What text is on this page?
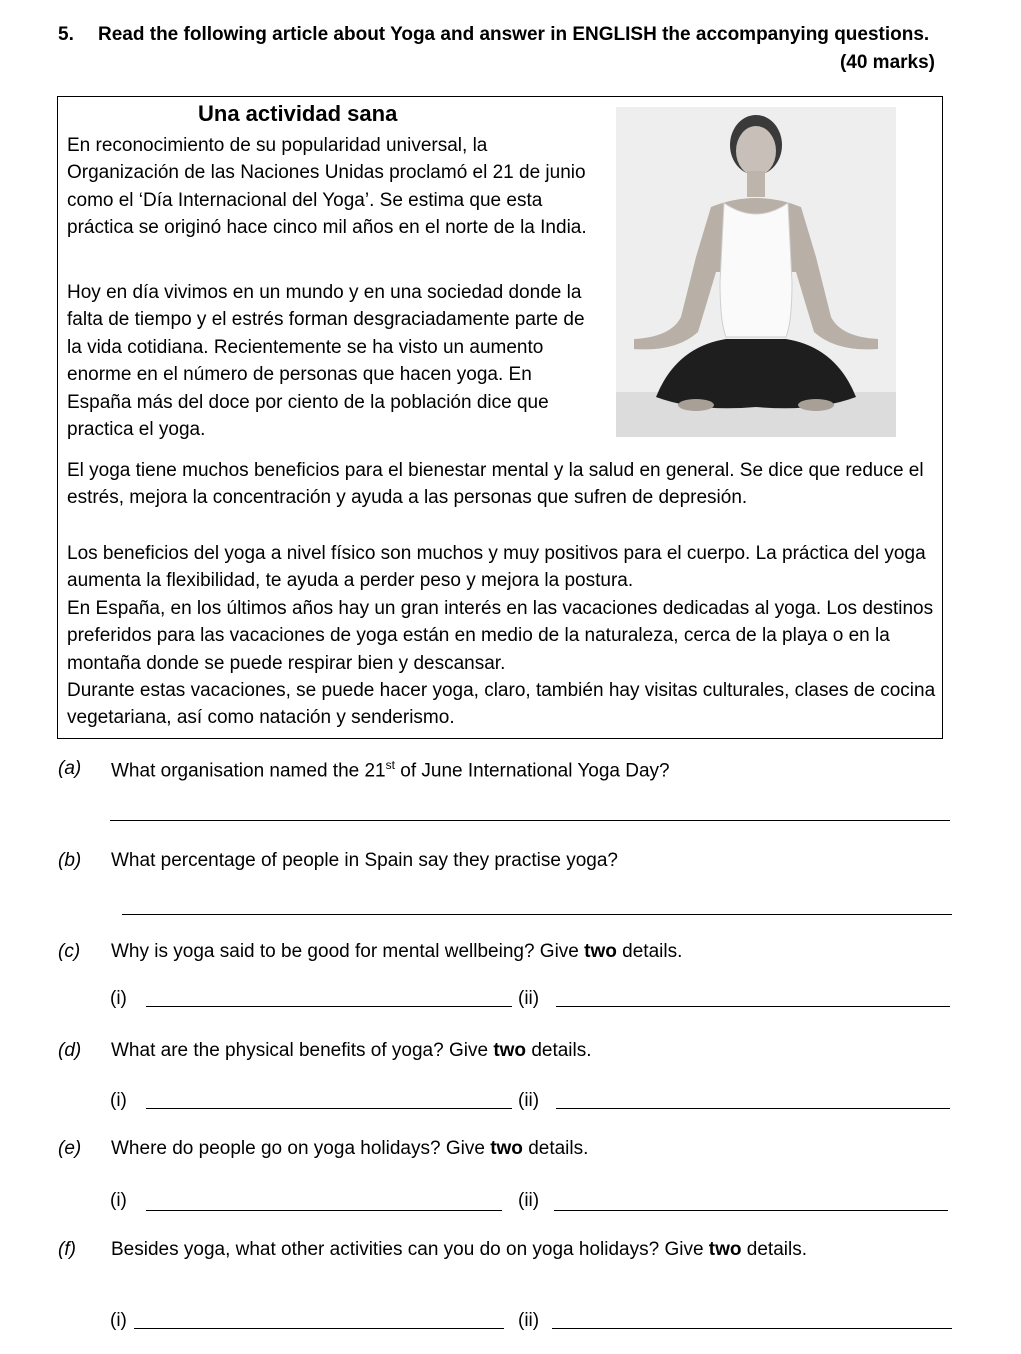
5. Read the following article about Yoga and answer in ENGLISH the accompanying questions.
(40 marks)
Una actividad sana
En reconocimiento de su popularidad universal, la Organización de las Naciones Unidas proclamó el 21 de junio como el ‘Día Internacional del Yoga’. Se estima que esta práctica se originó hace cinco mil años en el norte de la India.
Hoy en día vivimos en un mundo y en una sociedad donde la falta de tiempo y el estrés forman desgraciadamente parte de la vida cotidiana. Recientemente se ha visto un aumento enorme en el número de personas que hacen yoga. En España más del doce por ciento de la población dice que practica el yoga.
El yoga tiene muchos beneficios para el bienestar mental y la salud en general. Se dice que reduce el estrés, mejora la concentración y ayuda a las personas que sufren de depresión.
Los beneficios del yoga a nivel físico son muchos y muy positivos para el cuerpo. La práctica del yoga aumenta la flexibilidad, te ayuda a perder peso y mejora la postura.
En España, en los últimos años hay un gran interés en las vacaciones dedicadas al yoga. Los destinos preferidos para las vacaciones de yoga están en medio de la naturaleza, cerca de la playa o en la montaña donde se puede respirar bien y descansar.
Durante estas vacaciones, se puede hacer yoga, claro, también hay visitas culturales, clases de cocina vegetariana, así como natación y senderismo.
(a) What organisation named the 21st of June International Yoga Day?
(b) What percentage of people in Spain say they practise yoga?
(c) Why is yoga said to be good for mental wellbeing? Give two details.
(i)	(ii)
(d) What are the physical benefits of yoga? Give two details.
(i)	(ii)
(e) Where do people go on yoga holidays? Give two details.
(i)	(ii)
(f) Besides yoga, what other activities can you do on yoga holidays? Give two details.
(i)	(ii)
